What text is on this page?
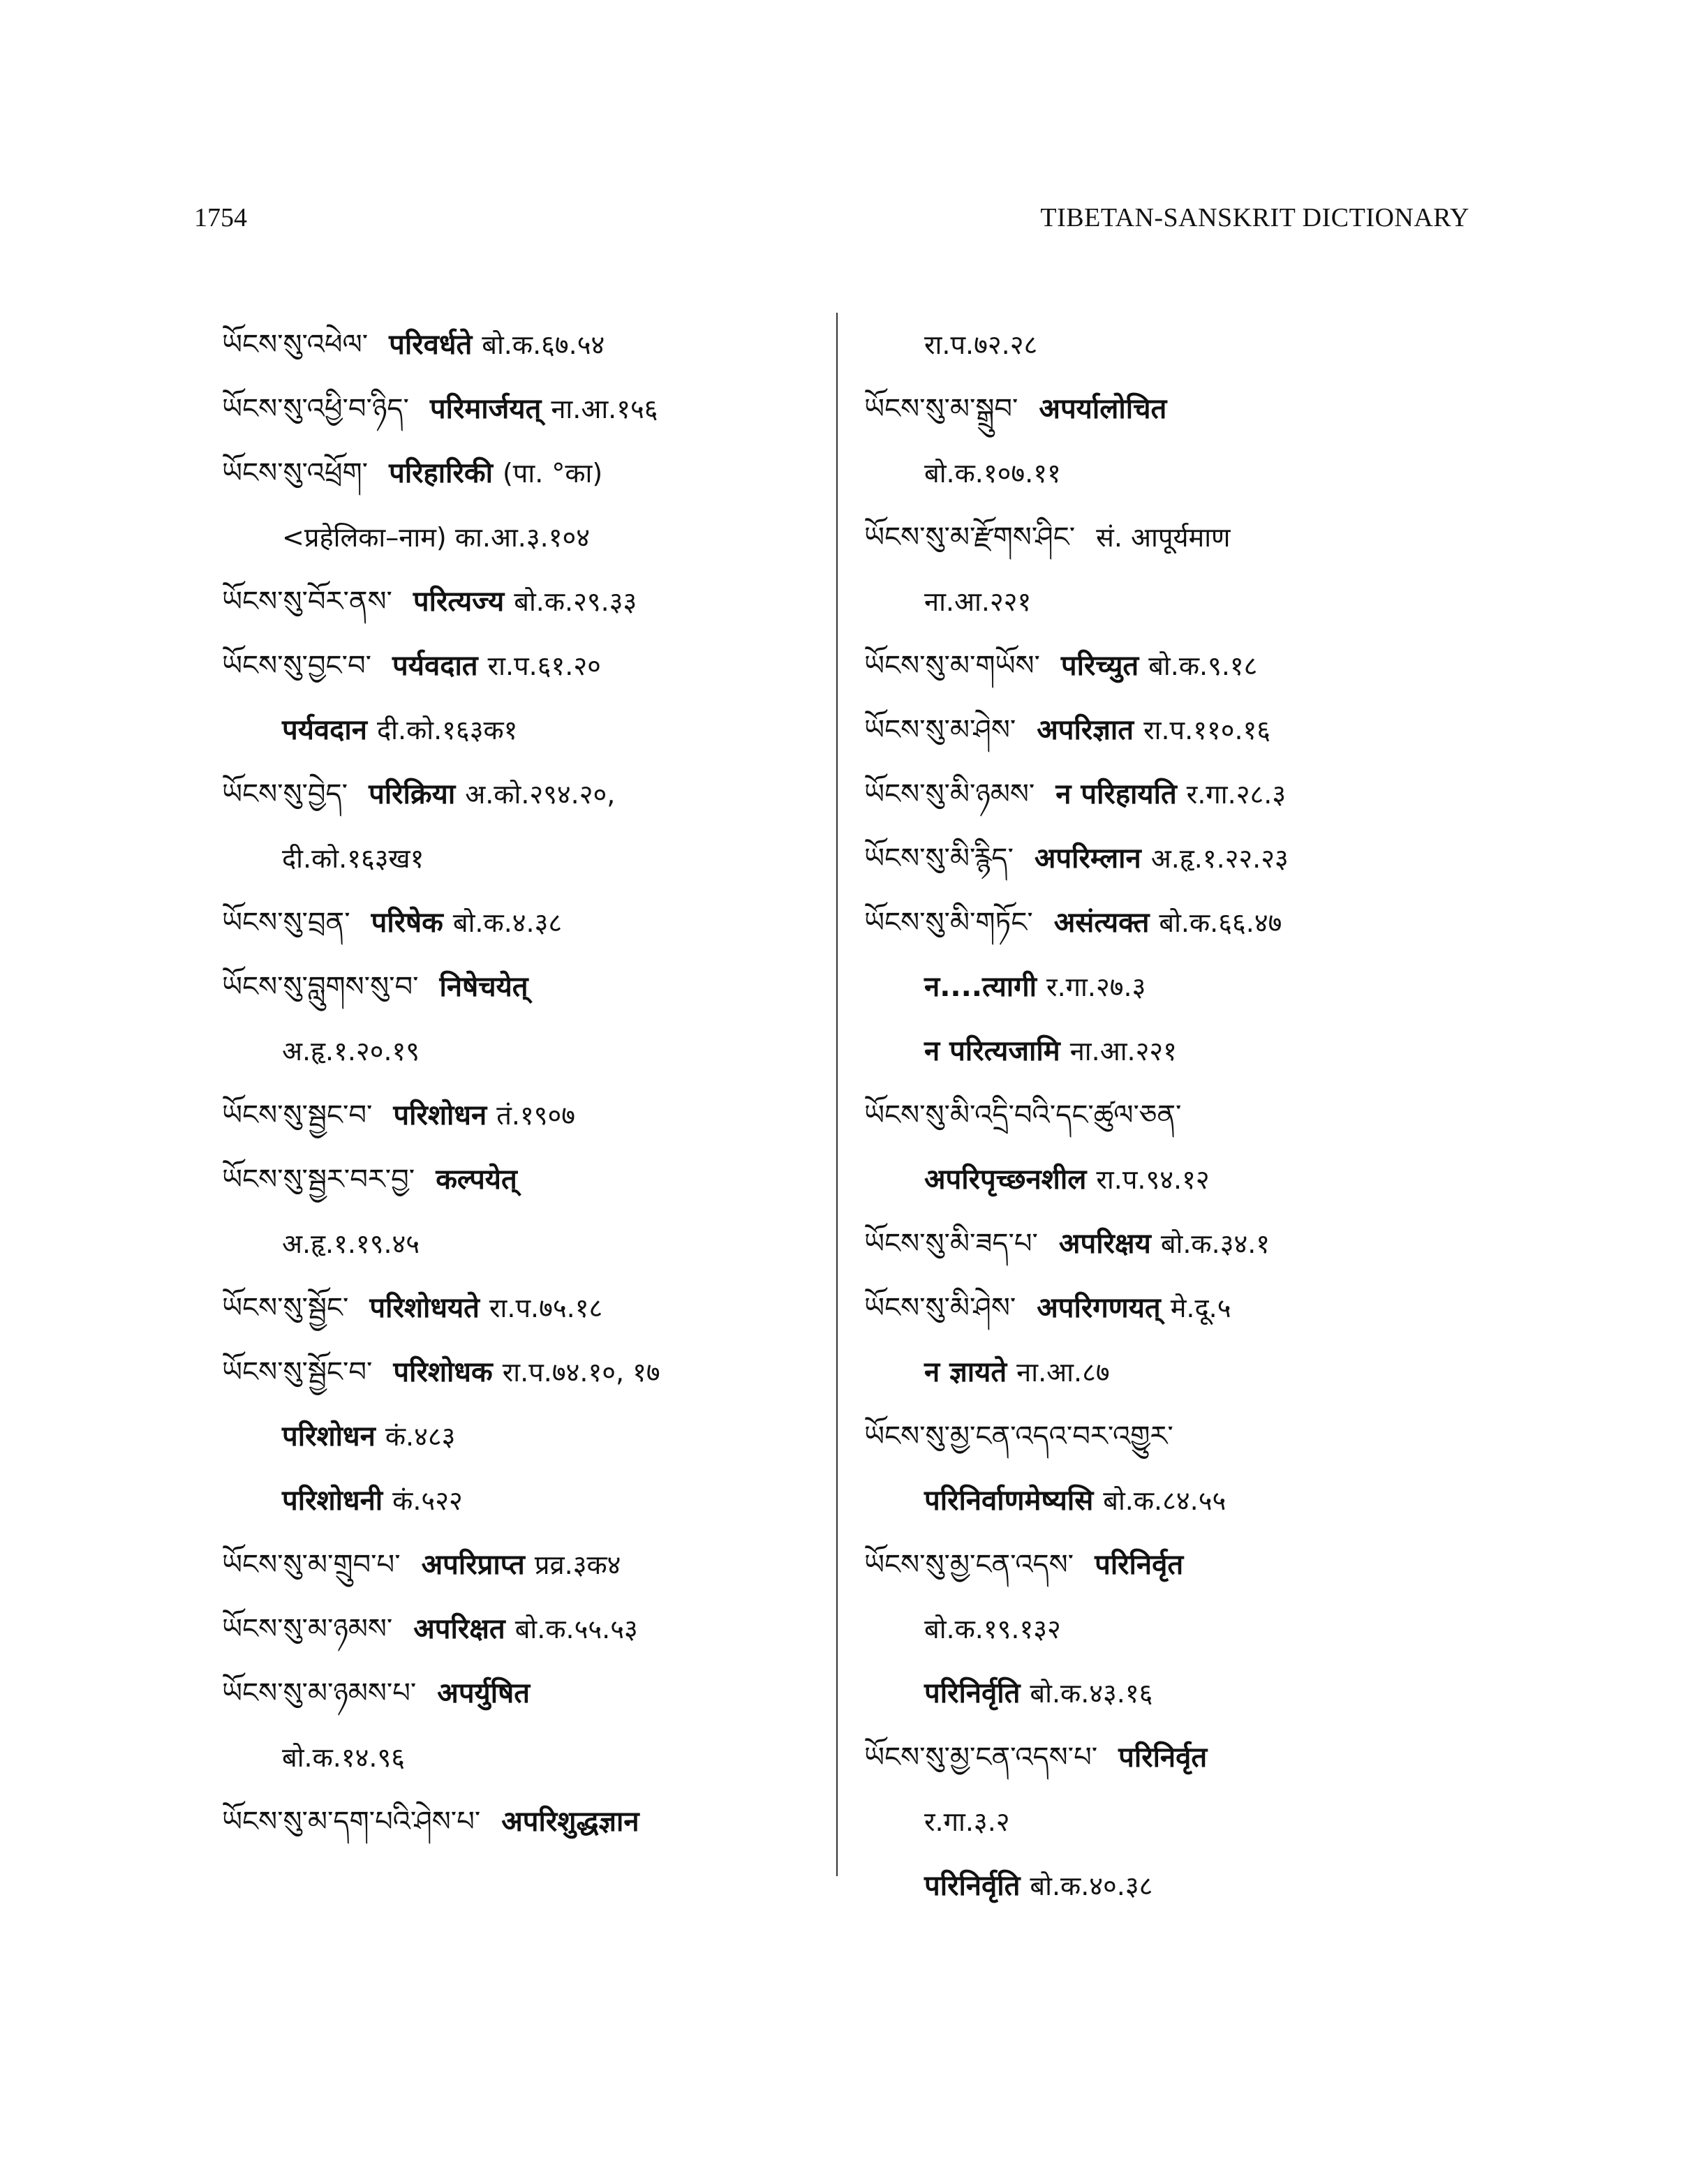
1754	TIBETAN-SANSKRIT DICTIONARY
ཡོངས་སུ་འཕེལ་ परिवर्धते बो.क.६७.५४
ཡོངས་སུ་འཕྱི་བ་ཉིད་ परिमार्जयत् ना.आ.१५६
ཡོངས་སུ་འཕྲོག་ परिहारिकी (पा. °का)
<प्रहेलिका–नाम) का.आ.३.१०४
ཡོངས་སུ་བོར་ནས་ परित्यज्य बो.क.२९.३३
ཡོངས་སུ་བྱང་བ་ पर्यवदात रा.प.६१.२०
पर्यवदान दी.को.१६३क१
ཡོངས་སུ་བྱེད་ परिक्रिया अ.को.२९४.२०,
दी.को.१६३ख१
ཡོངས་སུ་བྲན་ परिषेक बो.क.४.३८
ཡོངས་སུ་བླུགས་སུ་བ་ निषेचयेत्
अ.हृ.१.२०.१९
ཡོངས་སུ་སྦྱང་བ་ परिशोधन तं.१९०७
ཡོངས་སུ་སྦྱར་བར་བྱ་ कल्पयेत्
अ.हृ.१.१९.४५
ཡོངས་སུ་སྦྱོང་ परिशोधयते रा.प.७५.१८
ཡོངས་སུ་སྦྱོང་བ་ परिशोधक रा.प.७४.१०, १७
परिशोधन कं.४८३
परिशोधनी कं.५२२
ཡོངས་སུ་མ་གྲུབ་པ་ अपरिप्राप्त प्रव्र.३क४
ཡོངས་སུ་མ་ཉམས་ अपरिक्षत बो.क.५५.५३
ཡོངས་སུ་མ་ཉམས་པ་ अपर्युषित
बो.क.१४.९६
ཡོངས་སུ་མ་དག་པའི་ཤེས་པ་ अपरिशुद्धज्ञान
रा.प.७२.२८
ཡོངས་སུ་མ་སྒྲུབ་ अपर्यालोचित
बो.क.१०७.११
ཡོངས་སུ་མ་རྫོགས་ཤིང་ सं. आपूर्यमाण
ना.आ.२२१
ཡོངས་སུ་མ་གཡོས་ परिच्युत बो.क.९.१८
ཡོངས་སུ་མ་ཤེས་ अपरिज्ञात रा.प.११०.१६
ཡོངས་སུ་མི་ཉམས་ न परिहायति र.गा.२८.३
ཡོངས་སུ་མི་རྙིད་ अपरिम्लान अ.हृ.१.२२.२३
ཡོངས་སུ་མི་གཏོང་ असंत्यक्त बो.क.६६.४७
न....त्यागी र.गा.२७.३
न परित्यजामि ना.आ.२२१
ཡོངས་སུ་མི་འདྲི་བའི་དང་ཚུལ་ཅན་
अपरिपृच्छनशील रा.प.९४.१२
ཡོངས་སུ་མི་ཟད་པ་ अपरिक्षय बो.क.३४.१
ཡོངས་སུ་མི་ཤེས་ अपरिगणयत् मे.दू.५
न ज्ञायते ना.आ.८७
ཡོངས་སུ་མྱ་ངན་འདའ་བར་འགྱུར་
परिनिर्वाणमेष्यसि बो.क.८४.५५
ཡོངས་སུ་མྱ་ངན་འདས་ परिनिर्वृत
बो.क.१९.१३२
परिनिर्वृति बो.क.४३.१६
ཡོངས་སུ་མྱ་ངན་འདས་པ་ परिनिर्वृत
र.गा.३.२
परिनिर्वृति बो.क.४०.३८
